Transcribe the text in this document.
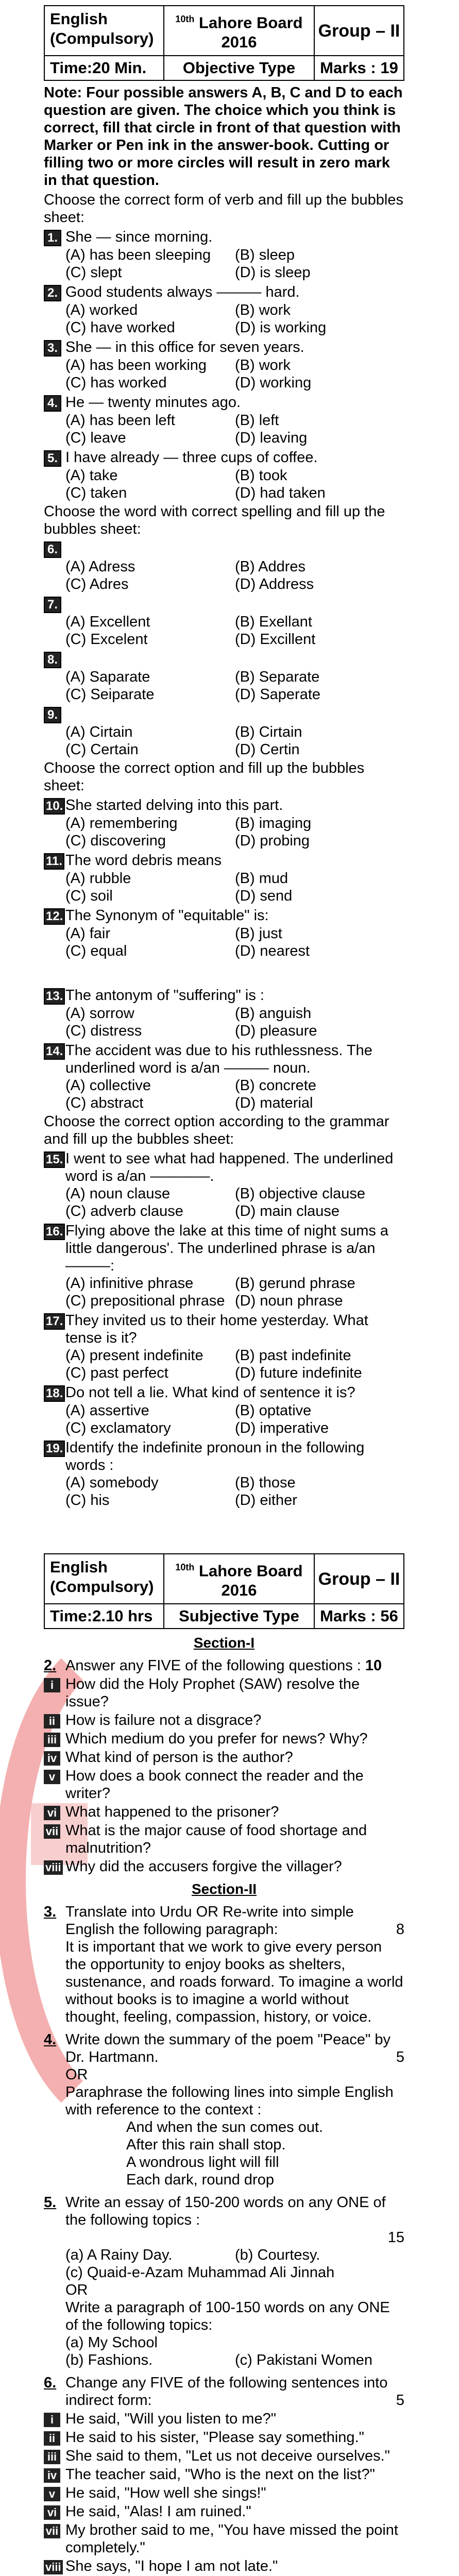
English
(Compulsory)
$^{10th}$ Lahore Board
2016
Group – II
Time:20 Min.	Objective Type	Marks : 19
Note: Four possible answers A, B, C and D to each question are given. The choice which you think is correct, fill that circle in front of that question with Marker or Pen ink in the answer-book. Cutting or filling two or more circles will result in zero mark in that question.
Choose the correct form of verb and fill up the bubbles sheet:
1. She — since morning.
(A) has been sleeping	(B) sleep
(C) slept	(D) is sleep
2. Good students always ——— hard.
(A) worked	(B) work
(C) have worked	(D) is working
3. She — in this office for seven years.
(A) has been working	(B) work
(C) has worked	(D) working
4. He — twenty minutes ago.
(A) has been left	(B) left
(C) leave	(D) leaving
5. I have already — three cups of coffee.
(A) take	(B) took
(C) taken	(D) had taken
Choose the word with correct spelling and fill up the bubbles sheet:
6.
(A) Adress	(B) Addres
(C) Adres	(D) Address
7.
(A) Excellent	(B) Exellant
(C) Excelent	(D) Excillent
8.
(A) Saparate	(B) Separate
(C) Seiparate	(D) Saperate
9.
(A) Cirtain	(B) Cirtain
(C) Certain	(D) Certin
Choose the correct option and fill up the bubbles sheet:
10. She started delving into this part.
(A) remembering	(B) imaging
(C) discovering	(D) probing
11. The word debris means
(A) rubble	(B) mud
(C) soil	(D) send
12. The Synonym of "equitable" is:
(A) fair	(B) just
(C) equal	(D) nearest
13. The antonym of "suffering" is :
(A) sorrow	(B) anguish
(C) distress	(D) pleasure
14. The accident was due to his ruthlessness. The underlined word is a/an ——— noun.
(A) collective	(B) concrete
(C) abstract	(D) material
Choose the correct option according to the grammar and fill up the bubbles sheet:
15. I went to see what had happened. The underlined word is a/an ————.
(A) noun clause	(B) objective clause
(C) adverb clause	(D) main clause
16. Flying above the lake at this time of night sums a little dangerous'. The underlined phrase is a/an ———:
(A) infinitive phrase	(B) gerund phrase
(C) prepositional phrase (D) noun phrase
17. They invited us to their home yesterday. What tense is it?
(A) present indefinite	(B) past indefinite
(C) past perfect	(D) future indefinite
18. Do not tell a lie. What kind of sentence it is?
(A) assertive	(B) optative
(C) exclamatory	(D) imperative
19. Identify the indefinite pronoun in the following words :
(A) somebody	(B) those
(C) his	(D) either
English
(Compulsory)
$^{10th}$ Lahore Board
2016
Group – II
Time:2.10 hrs	Subjective Type	Marks : 56
Section-I
2. Answer any FIVE of the following questions : 10
i How did the Holy Prophet (SAW) resolve the issue?
ii How is failure not a disgrace?
iii Which medium do you prefer for news? Why?
iv What kind of person is the author?
v How does a book connect the reader and the writer?
vi What happened to the prisoner?
vii What is the major cause of food shortage and malnutrition?
viii Why did the accusers forgive the villager?
Section-II
3. Translate into Urdu OR Re-write into simple English the following paragraph:	8
It is important that we work to give every person the opportunity to enjoy books as shelters, sustenance, and roads forward. To imagine a world without books is to imagine a world without thought, feeling, compassion, history, or voice.
4. Write down the summary of the poem "Peace" by Dr. Hartmann.	5
OR
Paraphrase the following lines into simple English with reference to the context :
And when the sun comes out.
After this rain shall stop.
A wondrous light will fill
Each dark, round drop
5. Write an essay of 150-200 words on any ONE of the following topics :
15
(a) A Rainy Day.	(b) Courtesy.
(c) Quaid-e-Azam Muhammad Ali Jinnah
OR
Write a paragraph of 100-150 words on any ONE of the following topics:
(a) My School
(b) Fashions.	(c) Pakistani Women
6. Change any FIVE of the following sentences into indirect form:	5
i He said, "Will you listen to me?"
ii He said to his sister, "Please say something."
iii She said to them, "Let us not deceive ourselves."
iv The teacher said, "Who is the next on the list?"
v He said, "How well she sings!"
vi He said, "Alas! I am ruined."
vii My brother said to me, "You have missed the point completely."
viii She says, "I hope I am not late."
